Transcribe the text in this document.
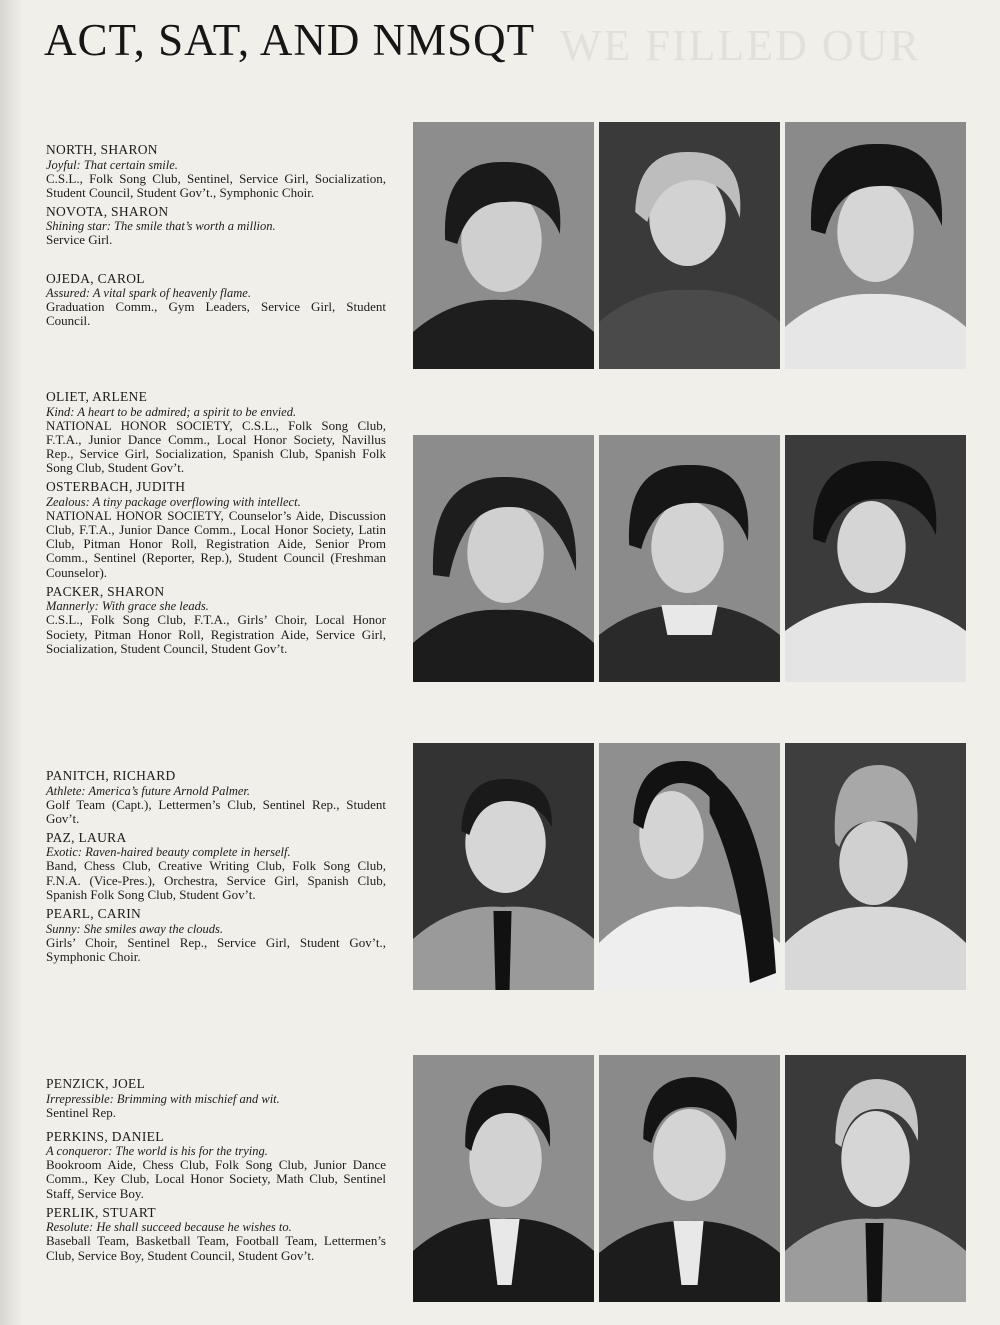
WE FILLED OUR
ACT, SAT, AND NMSQT
NORTH, SHARON
Joyful: That certain smile.
C.S.L., Folk Song Club, Sentinel, Service Girl, Socialization, Student Council, Student Gov’t., Symphonic Choir.
NOVOTA, SHARON
Shining star: The smile that’s worth a million.
Service Girl.
OJEDA, CAROL
Assured: A vital spark of heavenly flame.
Graduation Comm., Gym Leaders, Service Girl, Student Council.
OLIET, ARLENE
Kind: A heart to be admired; a spirit to be envied.
NATIONAL HONOR SOCIETY, C.S.L., Folk Song Club, F.T.A., Junior Dance Comm., Local Honor Society, Navillus Rep., Service Girl, Socialization, Spanish Club, Spanish Folk Song Club, Student Gov’t.
OSTERBACH, JUDITH
Zealous: A tiny package overflowing with intellect.
NATIONAL HONOR SOCIETY, Counselor’s Aide, Discussion Club, F.T.A., Junior Dance Comm., Local Honor Society, Latin Club, Pitman Honor Roll, Registration Aide, Senior Prom Comm., Sentinel (Reporter, Rep.), Student Council (Freshman Counselor).
PACKER, SHARON
Mannerly: With grace she leads.
C.S.L., Folk Song Club, F.T.A., Girls’ Choir, Local Honor Society, Pitman Honor Roll, Registration Aide, Service Girl, Socialization, Student Council, Student Gov’t.
PANITCH, RICHARD
Athlete: America’s future Arnold Palmer.
Golf Team (Capt.), Lettermen’s Club, Sentinel Rep., Student Gov’t.
PAZ, LAURA
Exotic: Raven-haired beauty complete in herself.
Band, Chess Club, Creative Writing Club, Folk Song Club, F.N.A. (Vice-Pres.), Orchestra, Service Girl, Spanish Club, Spanish Folk Song Club, Student Gov’t.
PEARL, CARIN
Sunny: She smiles away the clouds.
Girls’ Choir, Sentinel Rep., Service Girl, Student Gov’t., Symphonic Choir.
PENZICK, JOEL
Irrepressible: Brimming with mischief and wit.
Sentinel Rep.
PERKINS, DANIEL
A conqueror: The world is his for the trying.
Bookroom Aide, Chess Club, Folk Song Club, Junior Dance Comm., Key Club, Local Honor Society, Math Club, Sentinel Staff, Service Boy.
PERLIK, STUART
Resolute: He shall succeed because he wishes to.
Baseball Team, Basketball Team, Football Team, Lettermen’s Club, Service Boy, Student Council, Student Gov’t.
